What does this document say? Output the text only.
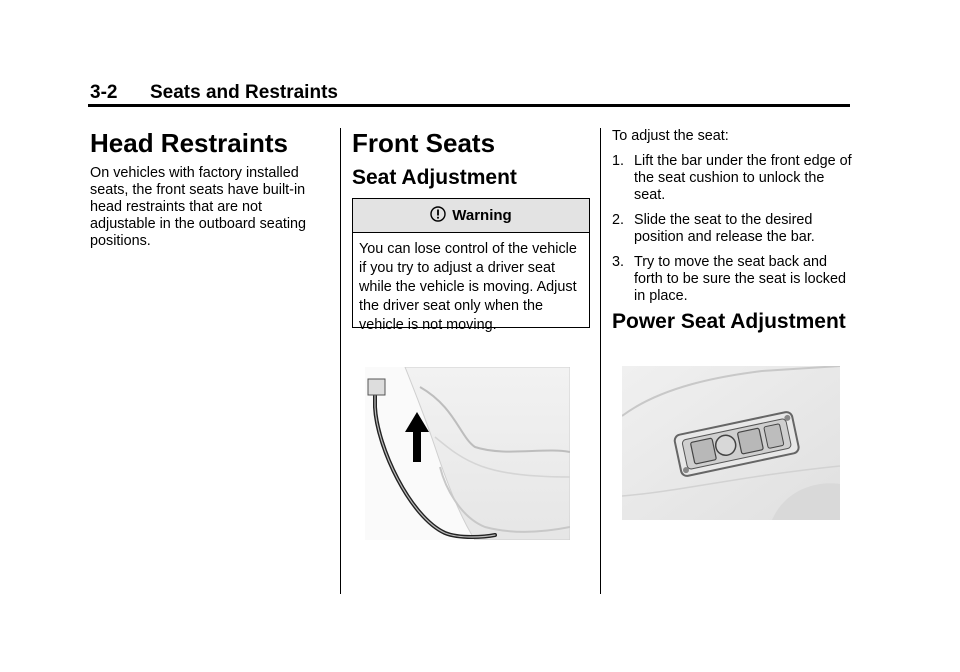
3-2 Seats and Restraints
Head Restraints

On vehicles with factory installed seats, the front seats have built-in head restraints that are not adjustable in the outboard seating positions.

Front Seats
Seat Adjustment
Warning
You can lose control of the vehicle if you try to adjust a driver seat while the vehicle is moving. Adjust the driver seat only when the vehicle is not moving.

To adjust the seat:

1. Lift the bar under the front edge of the seat cushion to unlock the seat.
2. Slide the seat to the desired position and release the bar.
3. Try to move the seat back and forth to be sure the seat is locked in place.
Power Seat Adjustment
